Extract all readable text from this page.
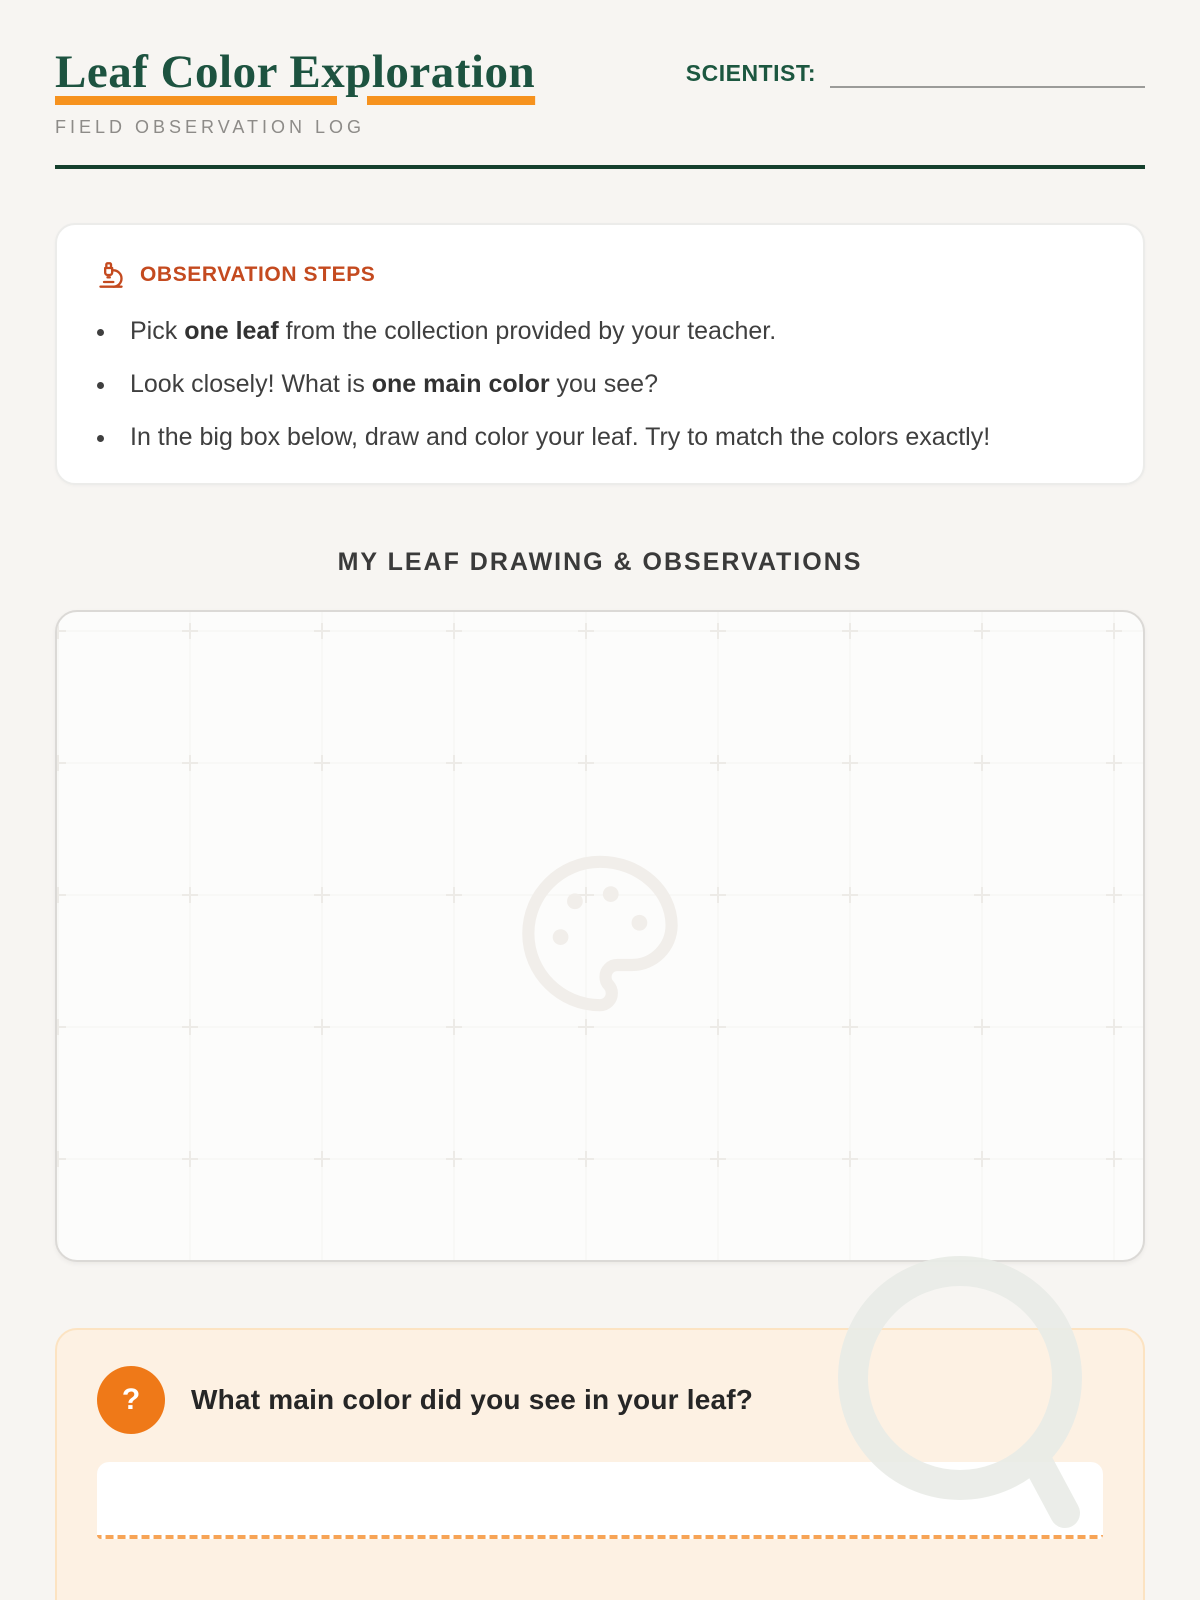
Leaf Color Exploration
FIELD OBSERVATION LOG
SCIENTIST:
OBSERVATION STEPS
• Pick one leaf from the collection provided by your teacher.
• Look closely! What is one main color you see?
• In the big box below, draw and color your leaf. Try to match the colors exactly!
MY LEAF DRAWING & OBSERVATIONS
? What main color did you see in your leaf?
